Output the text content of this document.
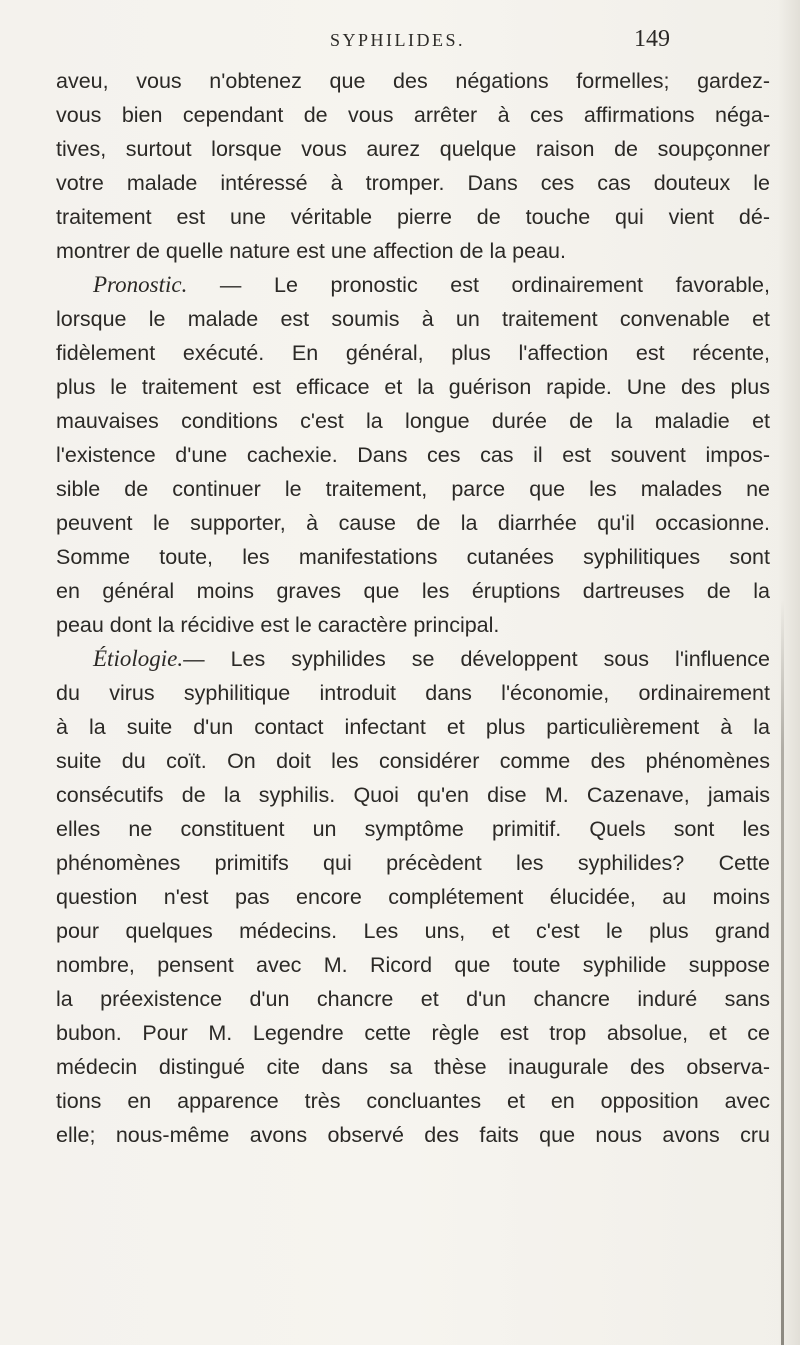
SYPHILIDES.	149
aveu, vous n'obtenez que des négations formelles; gardez-
vous bien cependant de vous arrêter à ces affirmations néga-
tives, surtout lorsque vous aurez quelque raison de soupçonner
votre malade intéressé à tromper. Dans ces cas douteux le
traitement est une véritable pierre de touche qui vient dé-
montrer de quelle nature est une affection de la peau.
Pronostic. — Le pronostic est ordinairement favorable,
lorsque le malade est soumis à un traitement convenable et
fidèlement exécuté. En général, plus l'affection est récente,
plus le traitement est efficace et la guérison rapide. Une des plus
mauvaises conditions c'est la longue durée de la maladie et
l'existence d'une cachexie. Dans ces cas il est souvent impos-
sible de continuer le traitement, parce que les malades ne
peuvent le supporter, à cause de la diarrhée qu'il occasionne.
Somme toute, les manifestations cutanées syphilitiques sont
en général moins graves que les éruptions dartreuses de la
peau dont la récidive est le caractère principal.
Étiologie.— Les syphilides se développent sous l'influence
du virus syphilitique introduit dans l'économie, ordinairement
à la suite d'un contact infectant et plus particulièrement à la
suite du coït. On doit les considérer comme des phénomènes
consécutifs de la syphilis. Quoi qu'en dise M. Cazenave, jamais
elles ne constituent un symptôme primitif. Quels sont les
phénomènes primitifs qui précèdent les syphilides? Cette
question n'est pas encore complétement élucidée, au moins
pour quelques médecins. Les uns, et c'est le plus grand
nombre, pensent avec M. Ricord que toute syphilide suppose
la préexistence d'un chancre et d'un chancre induré sans
bubon. Pour M. Legendre cette règle est trop absolue, et ce
médecin distingué cite dans sa thèse inaugurale des observa-
tions en apparence très concluantes et en opposition avec
elle; nous-même avons observé des faits que nous avons cru
